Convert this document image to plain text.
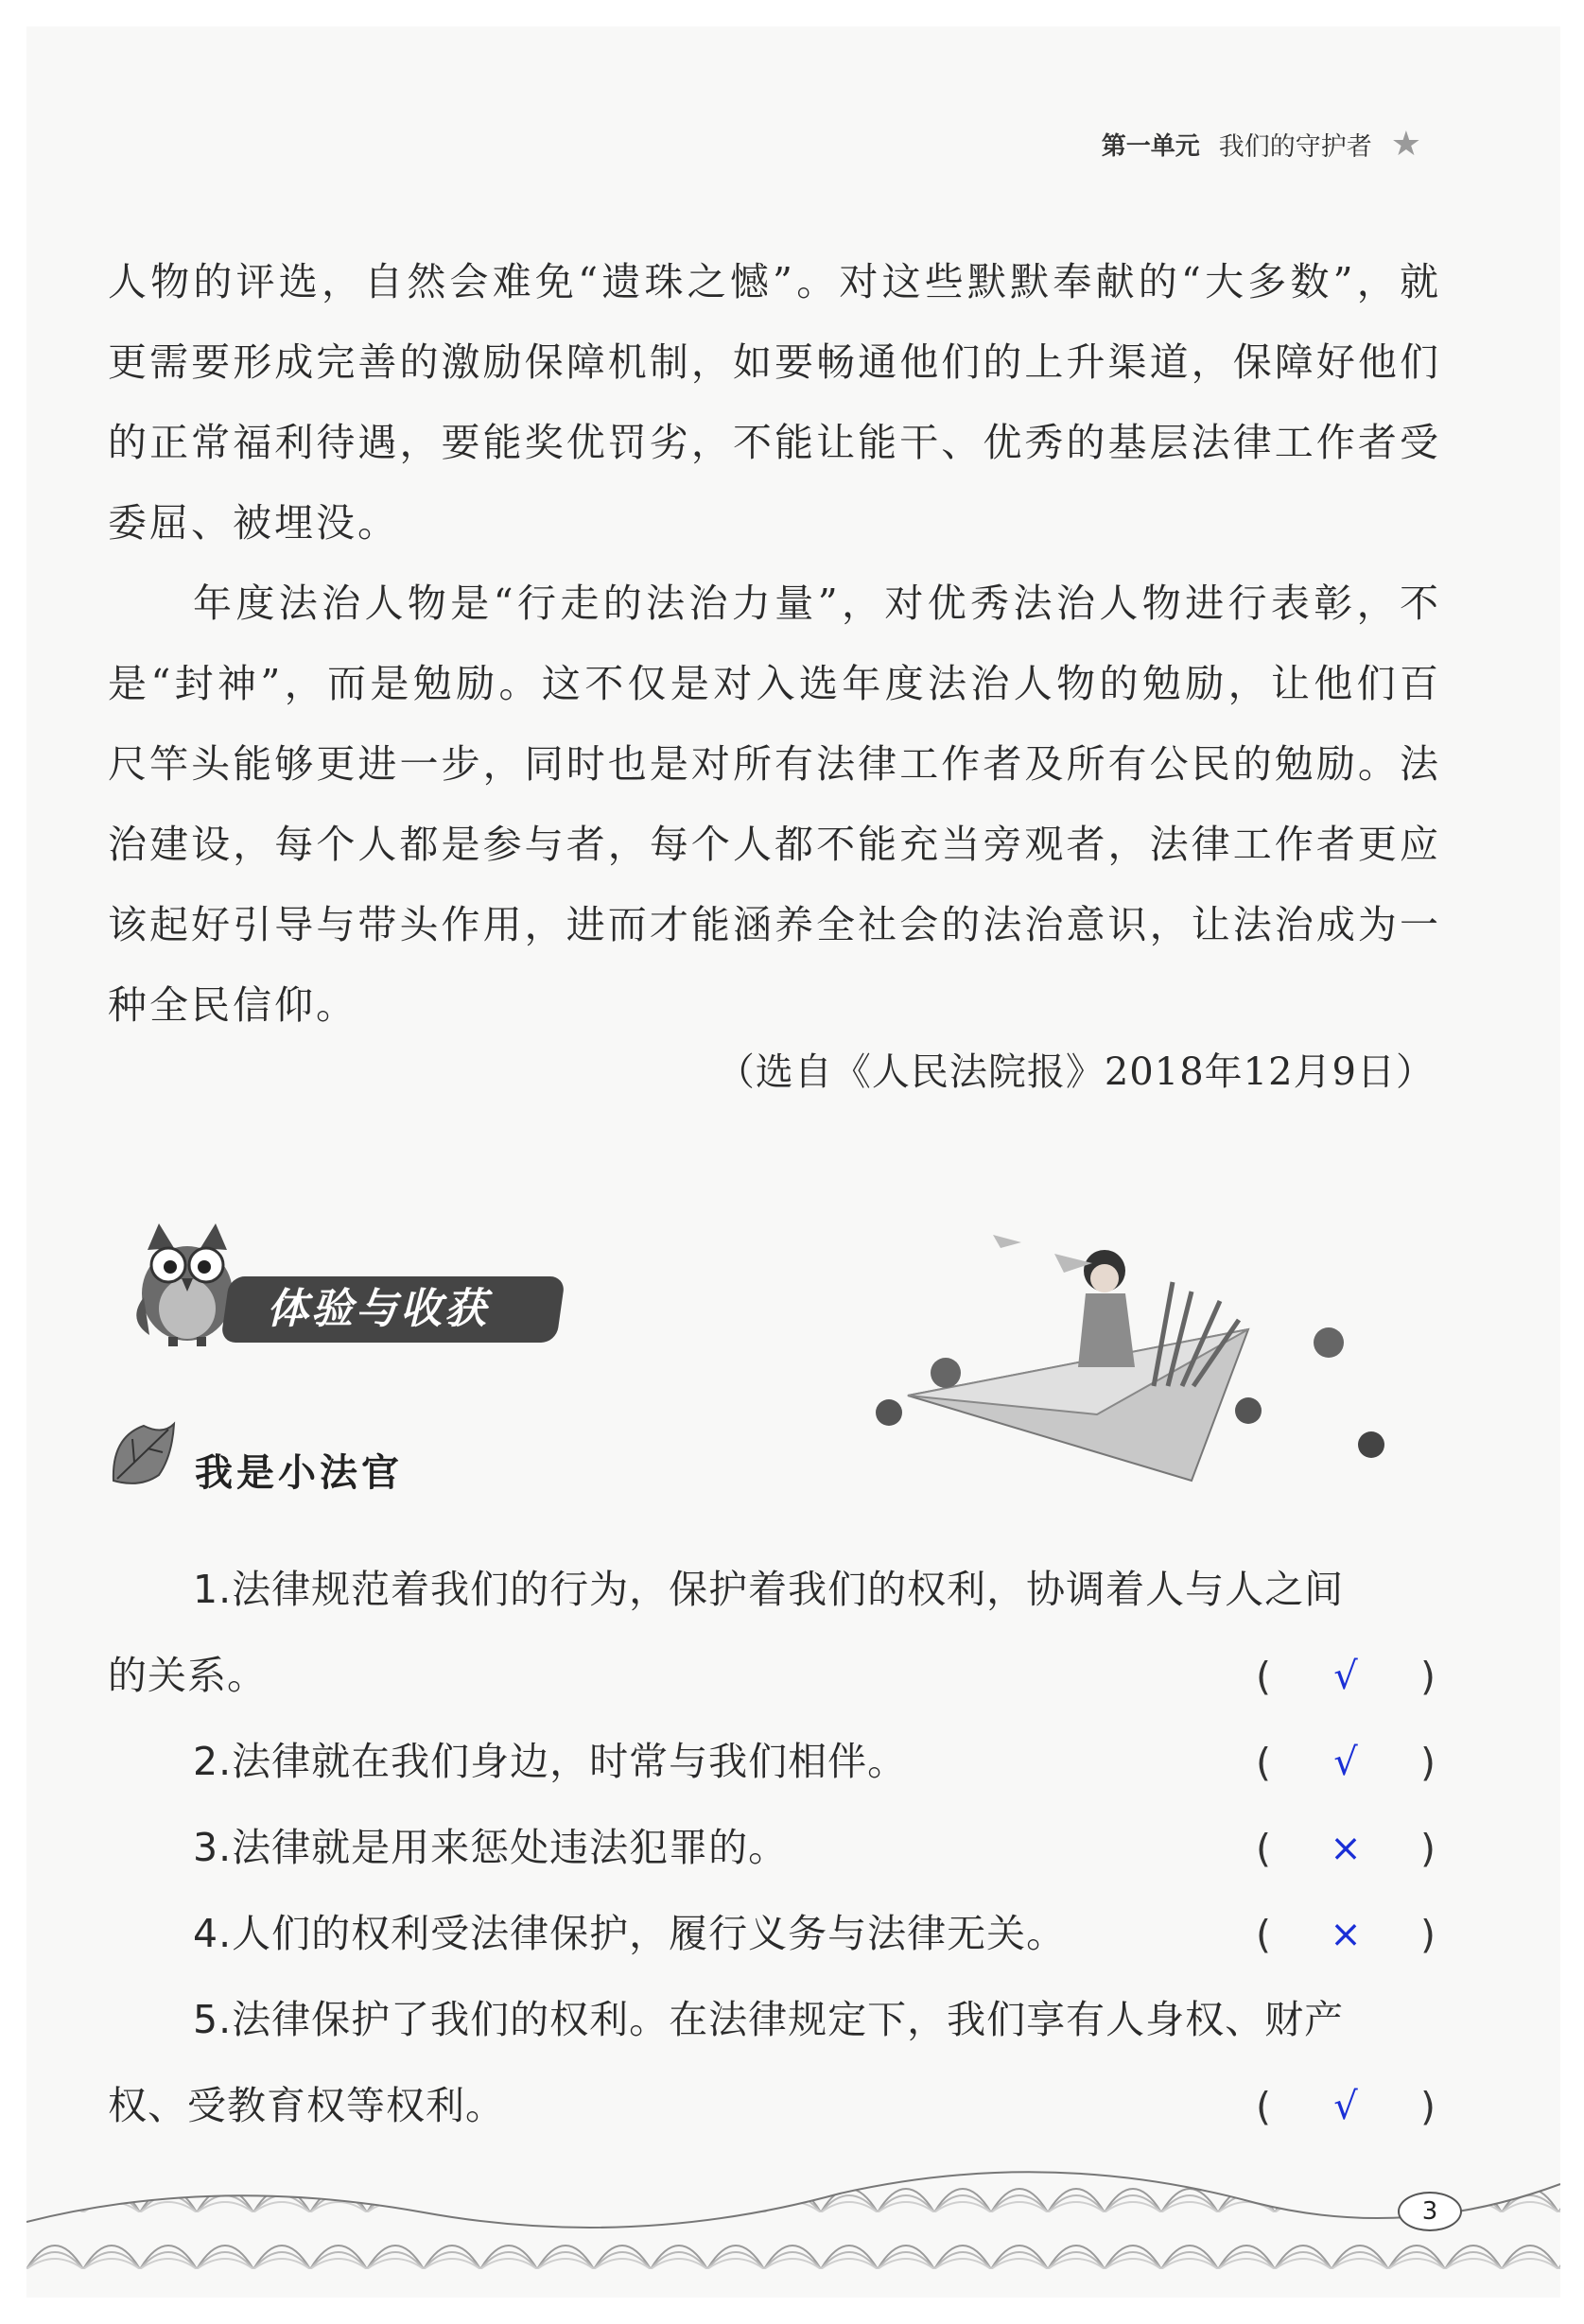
第一单元 我们的守护者 ★

人物的评选，自然会难免“遗珠之憾”。对这些默默奉献的“大多数”，就更需要形成完善的激励保障机制，如要畅通他们的上升渠道，保障好他们的正常福利待遇，要能奖优罚劣，不能让能干、优秀的基层法律工作者受委屈、被埋没。

年度法治人物是“行走的法治力量”，对优秀法治人物进行表彰，不是“封神”，而是勉励。这不仅是对入选年度法治人物的勉励，让他们百尺竿头能够更进一步，同时也是对所有法律工作者及所有公民的勉励。法治建设，每个人都是参与者，每个人都不能充当旁观者，法律工作者更应该起好引导与带头作用，进而才能涵养全社会的法治意识，让法治成为一种全民信仰。

（选自《人民法院报》2018年12月9日）
体验与收获
我是小法官
1.法律规范着我们的行为，保护着我们的权利，协调着人与人之间
的关系。	( √ )
2.法律就在我们身边，时常与我们相伴。	( √ )
3.法律就是用来惩处违法犯罪的。	( × )
4.人们的权利受法律保护，履行义务与法律无关。	( × )
5.法律保护了我们的权利。在法律规定下，我们享有人身权、财产
权、受教育权等权利。	( √ )
3
